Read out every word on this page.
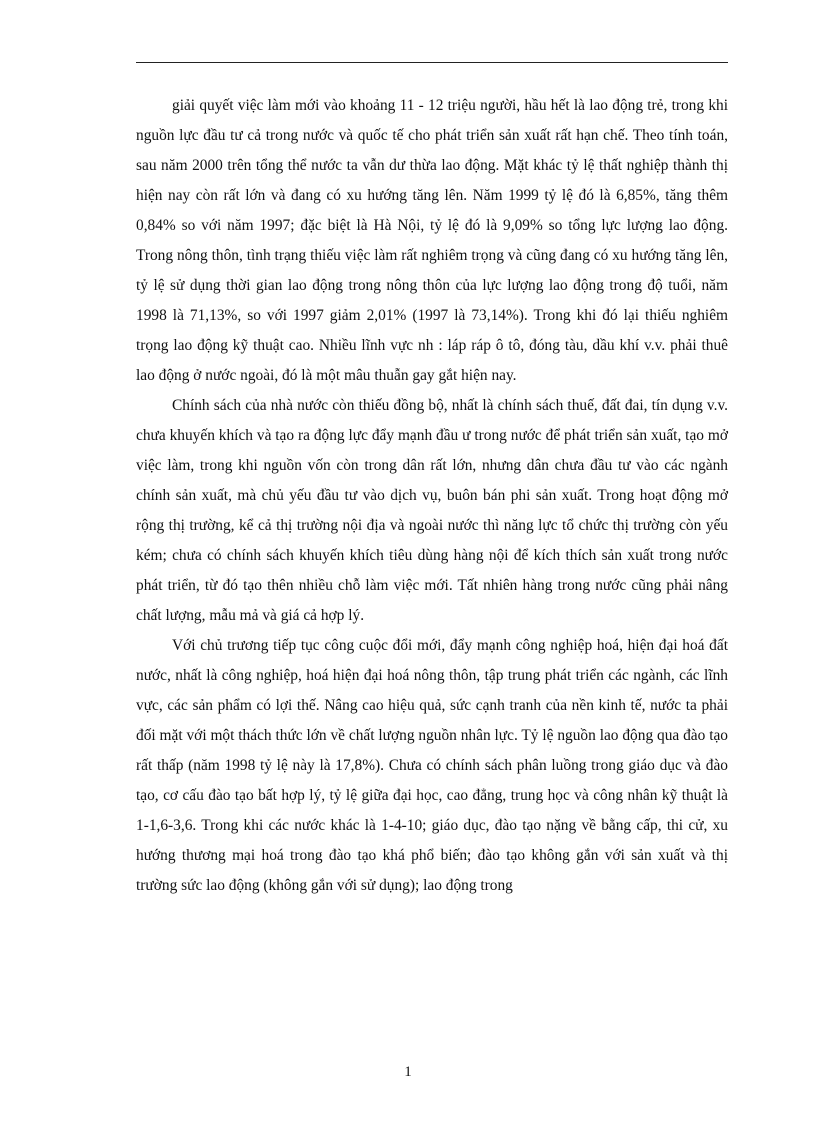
giải quyết việc làm mới vào khoảng 11 - 12 triệu người, hầu hết là lao động trẻ, trong khi nguồn lực đầu tư cả trong nước và quốc tế cho phát triển sản xuất rất hạn chế. Theo tính toán, sau năm 2000 trên tổng thể nước ta vẫn dư thừa lao động. Mặt khác tỷ lệ thất nghiệp thành thị hiện nay còn rất lớn và đang có xu hướng tăng lên. Năm 1999 tỷ lệ đó là 6,85%, tăng thêm 0,84% so với năm 1997; đặc biệt là Hà Nội, tỷ lệ đó là 9,09% so tổng lực lượng lao động. Trong nông thôn, tình trạng thiếu việc làm rất nghiêm trọng và cũng đang có xu hướng tăng lên, tỷ lệ sử dụng thời gian lao động trong nông thôn của lực lượng lao động trong độ tuổi, năm 1998 là 71,13%, so với 1997 giảm 2,01% (1997 là 73,14%). Trong khi đó lại thiếu nghiêm trọng lao động kỹ thuật cao. Nhiều lĩnh vực nh : láp ráp ô tô, đóng tàu, dầu khí v.v. phải thuê lao động ở nước ngoài, đó là một mâu thuẫn gay gắt hiện nay.

Chính sách của nhà nước còn thiếu đồng bộ, nhất là chính sách thuế, đất đai, tín dụng v.v. chưa khuyến khích và tạo ra động lực đẩy mạnh đầu ư trong nước để phát triển sản xuất, tạo mở việc làm, trong khi nguồn vốn còn trong dân rất lớn, nhưng dân chưa đầu tư vào các ngành chính sản xuất, mà chủ yếu đầu tư vào dịch vụ, buôn bán phi sản xuất. Trong hoạt động mở rộng thị trường, kể cả thị trường nội địa và ngoài nước thì năng lực tổ chức thị trường còn yếu kém; chưa có chính sách khuyến khích tiêu dùng hàng nội để kích thích sản xuất trong nước phát triển, từ đó tạo thên nhiều chỗ làm việc mới. Tất nhiên hàng trong nước cũng phải nâng chất lượng, mẫu mả và giá cả hợp lý.

Với chủ trương tiếp tục công cuộc đổi mới, đẩy mạnh công nghiệp hoá, hiện đại hoá đất nước, nhất là công nghiệp, hoá hiện đại hoá nông thôn, tập trung phát triển các ngành, các lĩnh vực, các sản phẩm có lợi thế. Nâng cao hiệu quả, sức cạnh tranh của nền kinh tế, nước ta phải đối mặt với một thách thức lớn về chất lượng nguồn nhân lực. Tỷ lệ nguồn lao động qua đào tạo rất thấp (năm 1998 tỷ lệ này là 17,8%). Chưa có chính sách phân luồng trong giáo dục và đào tạo, cơ cấu đào tạo bất hợp lý, tỷ lệ giữa đại học, cao đẳng, trung học và công nhân kỹ thuật là 1-1,6-3,6. Trong khi các nước khác là 1-4-10; giáo dục, đào tạo nặng về bằng cấp, thi cử, xu hướng thương mại hoá trong đào tạo khá phổ biến; đào tạo không gắn với sản xuất và thị trường sức lao động (không gắn với sử dụng); lao động trong

1
